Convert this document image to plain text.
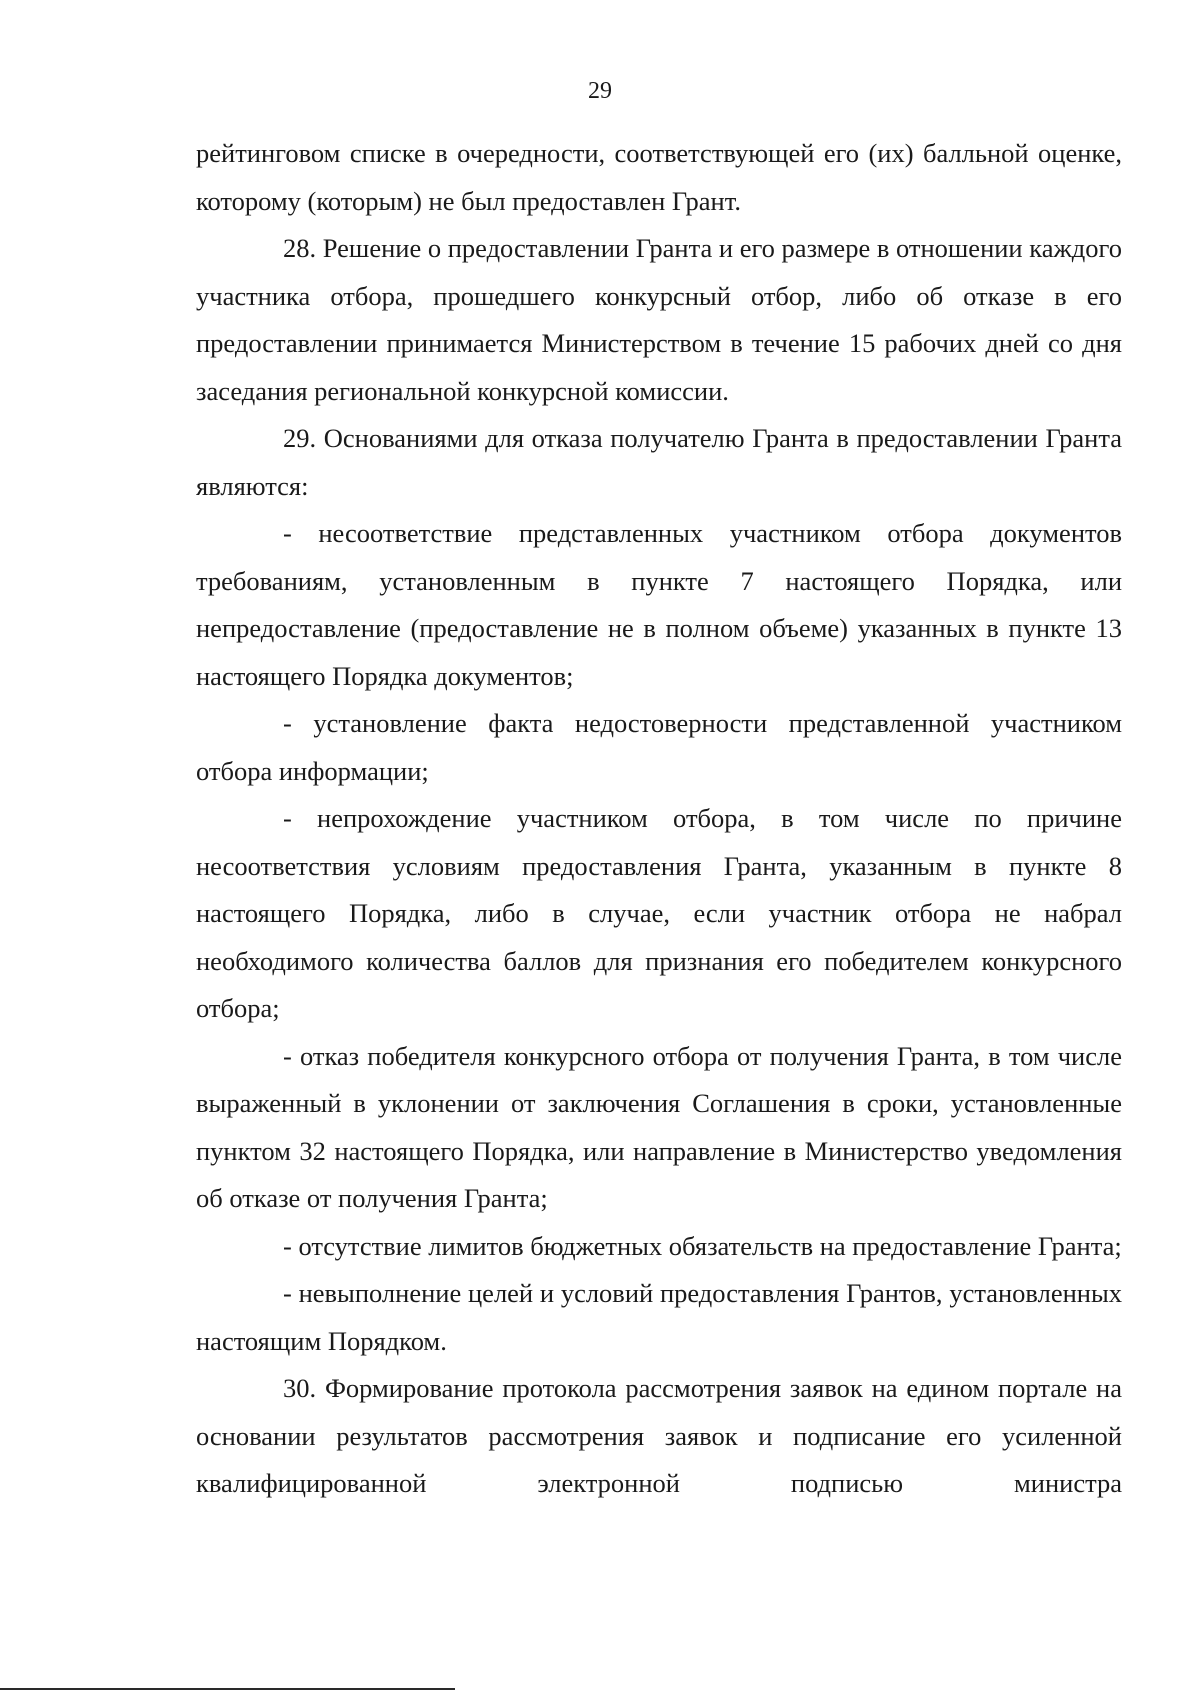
29

рейтинговом списке в очередности, соответствующей его (их) балльной оценке, которому (которым) не был предоставлен Грант.

28. Решение о предоставлении Гранта и его размере в отношении каждого участника отбора, прошедшего конкурсный отбор, либо об отказе в его предоставлении принимается Министерством в течение 15 рабочих дней со дня заседания региональной конкурсной комиссии.

29. Основаниями для отказа получателю Гранта в предоставлении Гранта являются:

- несоответствие представленных участником отбора документов требованиям, установленным в пункте 7 настоящего Порядка, или непредоставление (предоставление не в полном объеме) указанных в пункте 13 настоящего Порядка документов;

- установление факта недостоверности представленной участником отбора информации;

- непрохождение участником отбора, в том числе по причине несоответствия условиям предоставления Гранта, указанным в пункте 8 настоящего Порядка, либо в случае, если участник отбора не набрал необходимого количества баллов для признания его победителем конкурсного отбора;

- отказ победителя конкурсного отбора от получения Гранта, в том числе выраженный в уклонении от заключения Соглашения в сроки, установленные пунктом 32 настоящего Порядка, или направление в Министерство уведомления об отказе от получения Гранта;

- отсутствие лимитов бюджетных обязательств на предоставление Гранта;

- невыполнение целей и условий предоставления Грантов, установленных настоящим Порядком.

30. Формирование протокола рассмотрения заявок на едином портале на основании результатов рассмотрения заявок и подписание его усиленной квалифицированной электронной подписью министра
